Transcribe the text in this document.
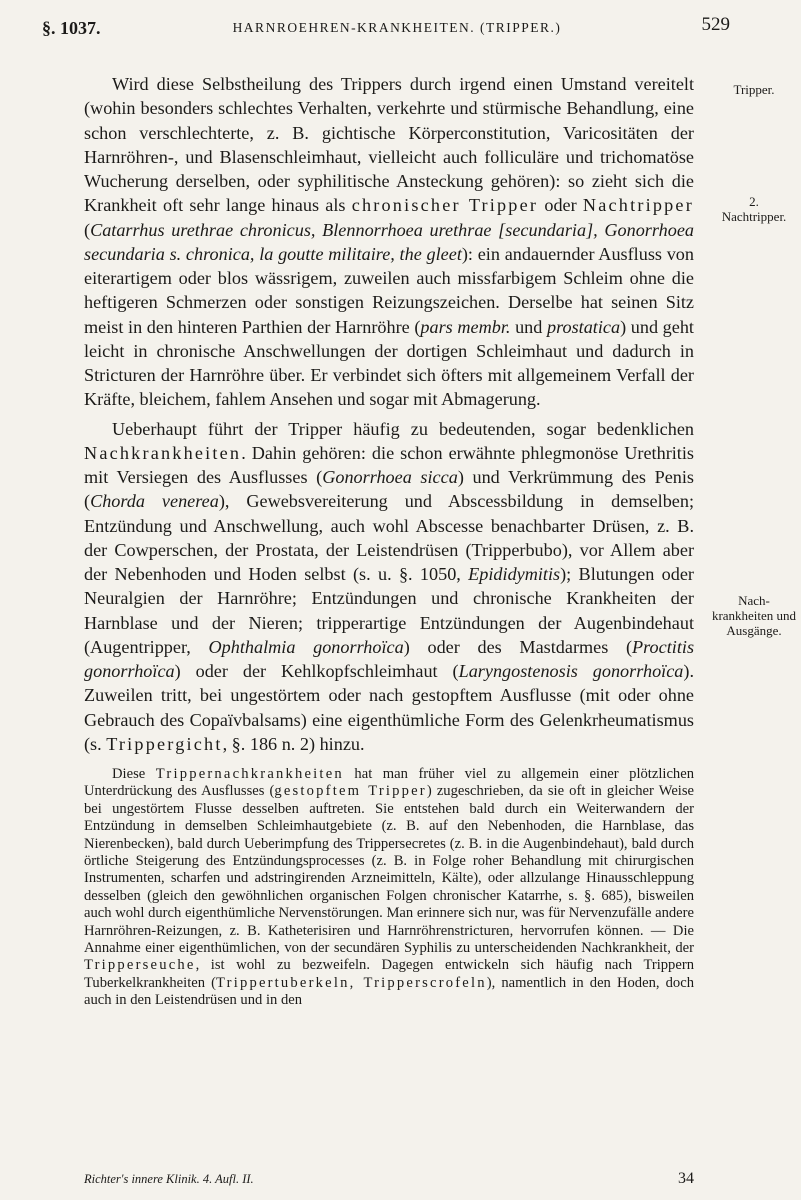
§. 1037.	HARNROEHREN-KRANKHEITEN. (TRIPPER.)	529
Tripper.
2.
Nachtripper.
Nach-krankheiten und Ausgänge.

Wird diese Selbstheilung des Trippers durch irgend einen Umstand vereitelt (wohin besonders schlechtes Verhalten, verkehrte und stürmische Behandlung, eine schon verschlechterte, z. B. gichtische Körperconstitution, Varicositäten der Harnröhren-, und Blasenschleimhaut, vielleicht auch folliculäre und trichomatöse Wucherung derselben, oder syphilitische Ansteckung gehören): so zieht sich die Krankheit oft sehr lange hinaus als chronischer Tripper oder Nachtripper (Catarrhus urethrae chronicus, Blennorrhoea urethrae [secundaria], Gonorrhoea secundaria s. chronica, la goutte militaire, the gleet): ein andauernder Ausfluss von eiterartigem oder blos wässrigem, zuweilen auch missfarbigem Schleim ohne die heftigeren Schmerzen oder sonstigen Reizungszeichen. Derselbe hat seinen Sitz meist in den hinteren Parthien der Harnröhre (pars membr. und prostatica) und geht leicht in chronische Anschwellungen der dortigen Schleimhaut und dadurch in Stricturen der Harnröhre über. Er verbindet sich öfters mit allgemeinem Verfall der Kräfte, bleichem, fahlem Ansehen und sogar mit Abmagerung.

Ueberhaupt führt der Tripper häufig zu bedeutenden, sogar bedenklichen Nachkrankheiten. Dahin gehören: die schon erwähnte phlegmonöse Urethritis mit Versiegen des Ausflusses (Gonorrhoea sicca) und Verkrümmung des Penis (Chorda venerea), Gewebsvereiterung und Abscessbildung in demselben; Entzündung und Anschwellung, auch wohl Abscesse benachbarter Drüsen, z. B. der Cowperschen, der Prostata, der Leistendrüsen (Tripperbubo), vor Allem aber der Nebenhoden und Hoden selbst (s. u. §. 1050, Epididymitis); Blutungen oder Neuralgien der Harnröhre; Entzündungen und chronische Krankheiten der Harnblase und der Nieren; tripperartige Entzündungen der Augenbindehaut (Augentripper, Ophthalmia gonorrhoïca) oder des Mastdarmes (Proctitis gonorrhoïca) oder der Kehlkopfschleimhaut (Laryngostenosis gonorrhoïca). Zuweilen tritt, bei ungestörtem oder nach gestopftem Ausflusse (mit oder ohne Gebrauch des Copaïvbalsams) eine eigenthümliche Form des Gelenkrheumatismus (s. Trippergicht, §. 186 n. 2) hinzu.

Diese Trippernachkrankheiten hat man früher viel zu allgemein einer plötzlichen Unterdrückung des Ausflusses (gestopftem Tripper) zugeschrieben, da sie oft in gleicher Weise bei ungestörtem Flusse desselben auftreten. Sie entstehen bald durch ein Weiterwandern der Entzündung in demselben Schleimhautgebiete (z. B. auf den Nebenhoden, die Harnblase, das Nierenbecken), bald durch Ueberimpfung des Trippersecretes (z. B. in die Augenbindehaut), bald durch örtliche Steigerung des Entzündungsprocesses (z. B. in Folge roher Behandlung mit chirurgischen Instrumenten, scharfen und adstringirenden Arzneimitteln, Kälte), oder allzulange Hinausschleppung desselben (gleich den gewöhnlichen organischen Folgen chronischer Katarrhe, s. §. 685), bisweilen auch wohl durch eigenthümliche Nervenstörungen. Man erinnere sich nur, was für Nervenzufälle andere Harnröhren-Reizungen, z. B. Katheterisiren und Harnröhrenstricturen, hervorrufen können. — Die Annahme einer eigenthümlichen, von der secundären Syphilis zu unterscheidenden Nachkrankheit, der Tripperseuche, ist wohl zu bezweifeln. Dagegen entwickeln sich häufig nach Trippern Tuberkelkrankheiten (Trippertuberkeln, Tripperscrofeln), namentlich in den Hoden, doch auch in den Leistendrüsen und in den

Richter's innere Klinik. 4. Aufl. II.	34
